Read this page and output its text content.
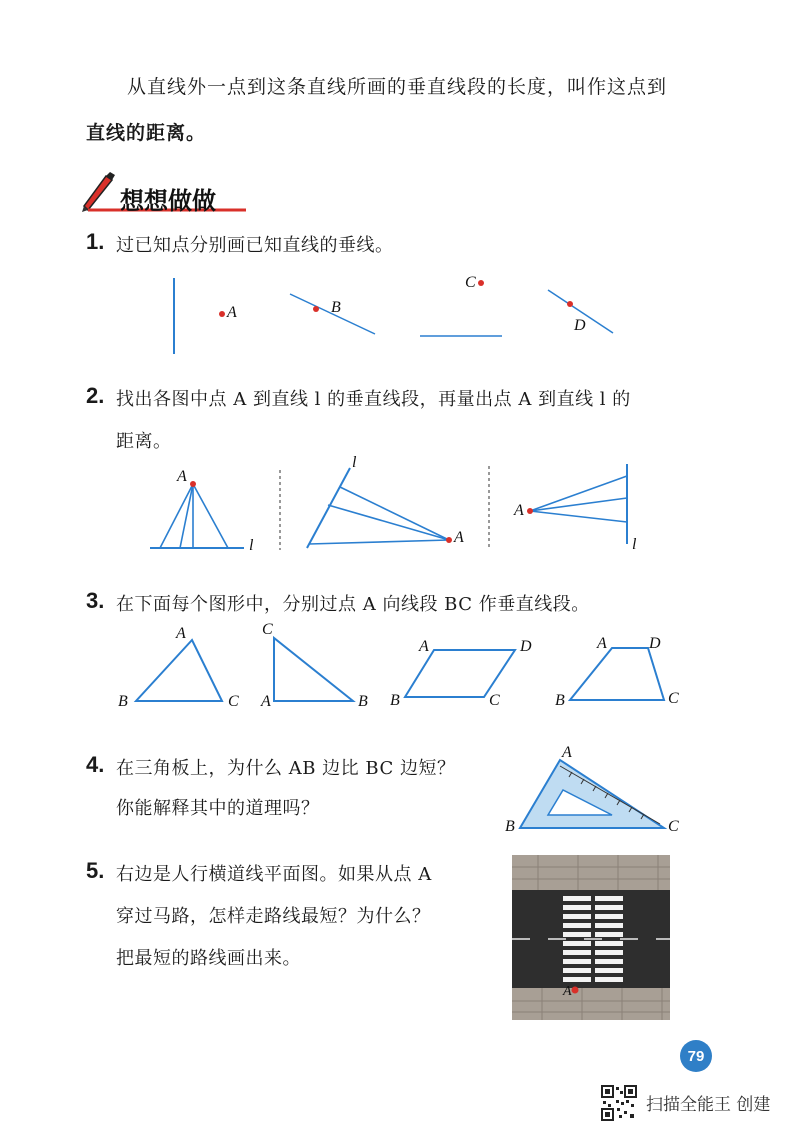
从直线外一点到这条直线所画的垂直线段的长度，叫作这点到
直线的距离。
想想做做
1. 过已知点分别画已知直线的垂线。
A	B
C
D
2. 找出各图中点 A 到直线 l 的垂直线段，再量出点 A 到直线 l 的
距离。
A
l
l
A
A
l
3. 在下面每个图形中，分别过点 A 向线段 BC 作垂直线段。
A
B	C
C
A	B
A	D
B	C
A	D
B	C
4. 在三角板上，为什么 AB 边比 BC 边短？
你能解释其中的道理吗？
A
B	C
5. 右边是人行横道线平面图。如果从点 A
穿过马路，怎样走路线最短？为什么？
把最短的路线画出来。
A
79
扫描全能王 创建
